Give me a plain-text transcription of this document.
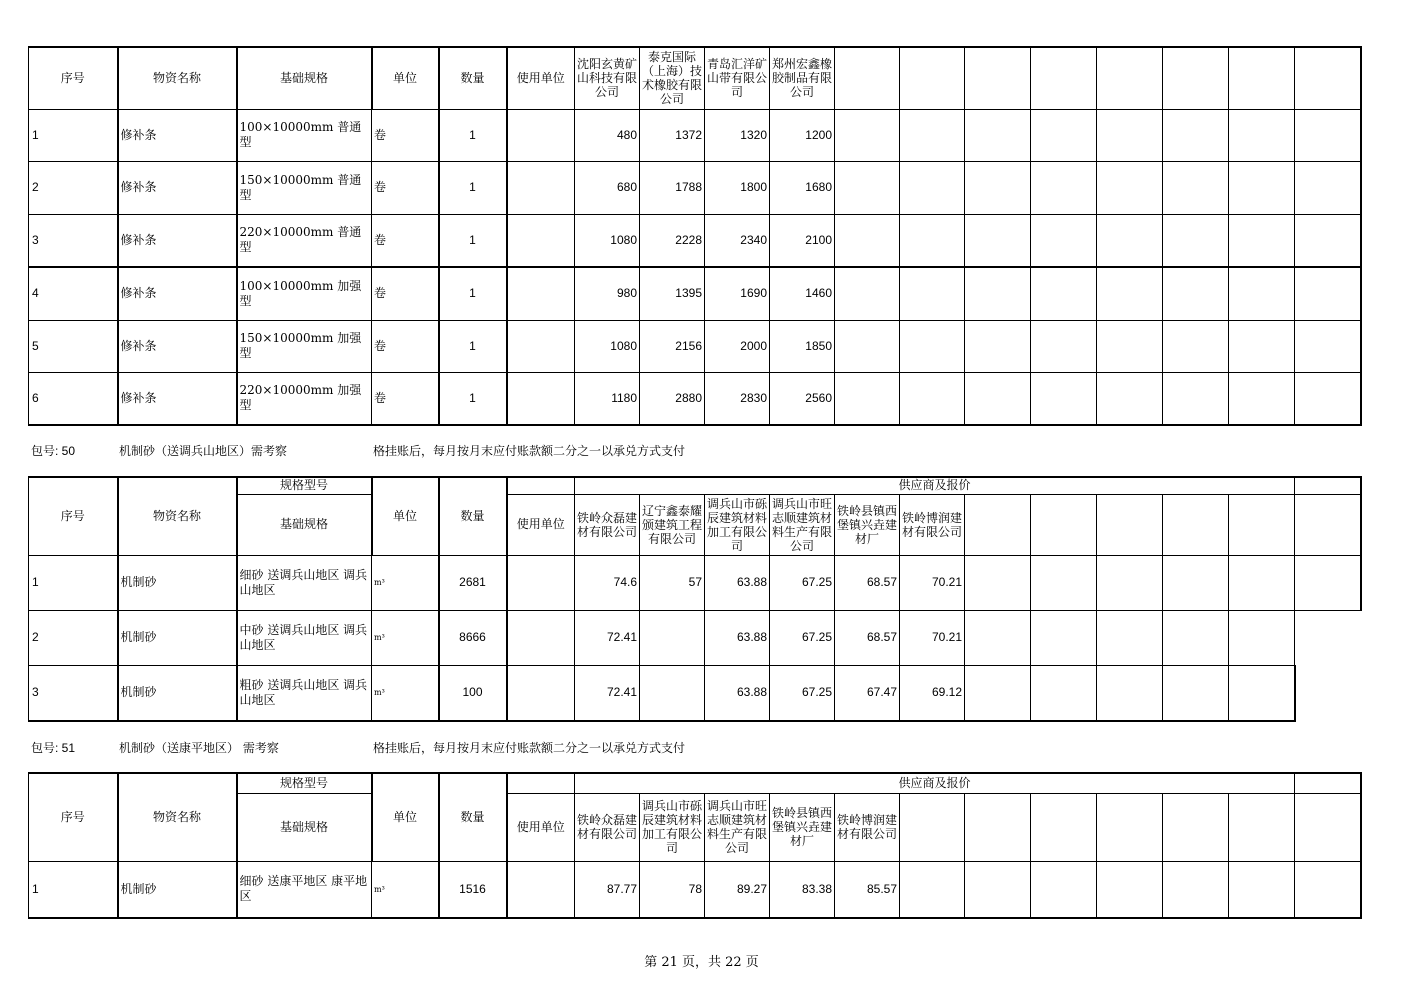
序号	物资名称	基础规格	单位	数量	使用单位	沈阳玄黄矿山科技有限公司	泰克国际（上海）技术橡胶有限公司	青岛汇洋矿山带有限公司	郑州宏鑫橡胶制品有限公司								
1	修补条	100×10000mm 普通型	卷	1		480	1372	1320	1200								
2	修补条	150×10000mm 普通型	卷	1		680	1788	1800	1680								
3	修补条	220×10000mm 普通型	卷	1		1080	2228	2340	2100								
4	修补条	100×10000mm 加强型	卷	1		980	1395	1690	1460								
5	修补条	150×10000mm 加强型	卷	1		1080	2156	2000	1850								
6	修补条	220×10000mm 加强型	卷	1		1180	2880	2830	2560								
包号: 50	机制砂（送调兵山地区）需考察	格挂账后，每月按月末应付账款额二分之一以承兑方式支付
序号	物资名称	规格型号	单位	数量		供应商及报价											
		基础规格			使用单位	铁岭众磊建材有限公司	辽宁鑫泰耀颁建筑工程有限公司	调兵山市砾辰建筑材料加工有限公司	调兵山市旺志顺建筑材料生产有限公司	铁岭县镇西堡镇兴垚建材厂	铁岭博润建材有限公司						
1	机制砂	细砂 送调兵山地区 调兵山地区	m³	2681		74.6	57	63.88	67.25	68.57	70.21						
2	机制砂	中砂 送调兵山地区 调兵山地区	m³	8666		72.41		63.88	67.25	68.57	70.21						
3	机制砂	粗砂 送调兵山地区 调兵山地区	m³	100		72.41		63.88	67.25	67.47	69.12						
包号: 51	机制砂（送康平地区） 需考察	格挂账后，每月按月末应付账款额二分之一以承兑方式支付
序号	物资名称	规格型号	单位	数量		供应商及报价											
		基础规格			使用单位	铁岭众磊建材有限公司	调兵山市砾辰建筑材料加工有限公司	调兵山市旺志顺建筑材料生产有限公司	铁岭县镇西堡镇兴垚建材厂	铁岭博润建材有限公司							
1	机制砂	细砂 送康平地区 康平地区	m³	1516		87.77	78	89.27	83.38	85.57							
第 21 页，共 22 页
